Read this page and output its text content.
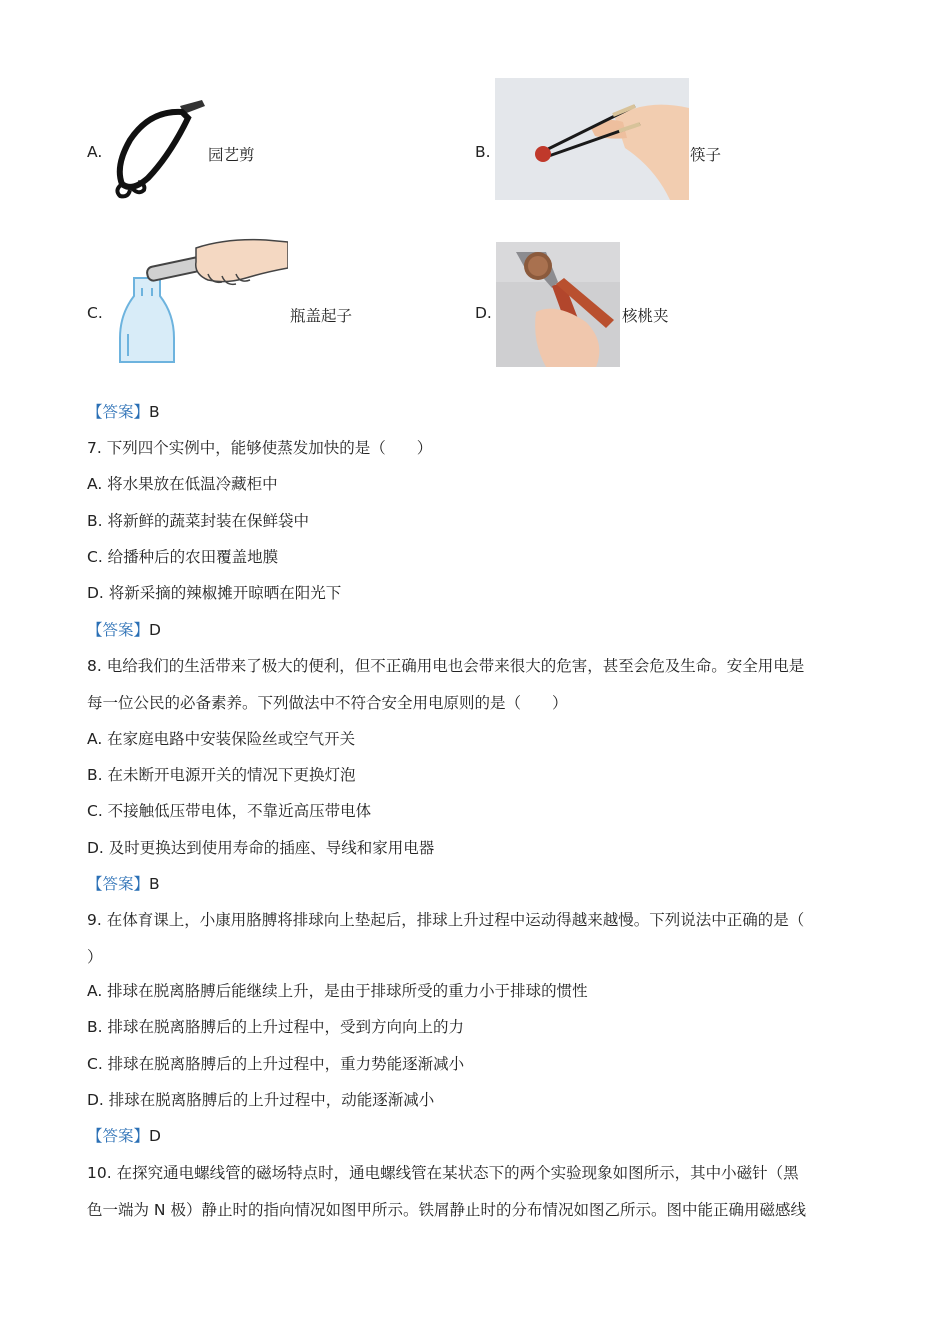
A.	园艺剪	B.	筷子
C.	瓶盖起子	D.	核桃夹
【答案】B
7. 下列四个实例中，能够使蒸发加快的是（　　）
A. 将水果放在低温冷藏柜中
B. 将新鲜的蔬菜封装在保鲜袋中
C. 给播种后的农田覆盖地膜
D. 将新采摘的辣椒摊开晾晒在阳光下
【答案】D
8. 电给我们的生活带来了极大的便利，但不正确用电也会带来很大的危害，甚至会危及生命。安全用电是
每一位公民的必备素养。下列做法中不符合安全用电原则的是（　　）
A. 在家庭电路中安装保险丝或空气开关
B. 在未断开电源开关的情况下更换灯泡
C. 不接触低压带电体，不靠近高压带电体
D. 及时更换达到使用寿命的插座、导线和家用电器
【答案】B
9. 在体育课上，小康用胳膊将排球向上垫起后，排球上升过程中运动得越来越慢。下列说法中正确的是（
）
A. 排球在脱离胳膊后能继续上升，是由于排球所受的重力小于排球的惯性
B. 排球在脱离胳膊后的上升过程中，受到方向向上的力
C. 排球在脱离胳膊后的上升过程中，重力势能逐渐减小
D. 排球在脱离胳膊后的上升过程中，动能逐渐减小
【答案】D
10. 在探究通电螺线管的磁场特点时，通电螺线管在某状态下的两个实验现象如图所示，其中小磁针（黑
色一端为 N 极）静止时的指向情况如图甲所示。铁屑静止时的分布情况如图乙所示。图中能正确用磁感线
